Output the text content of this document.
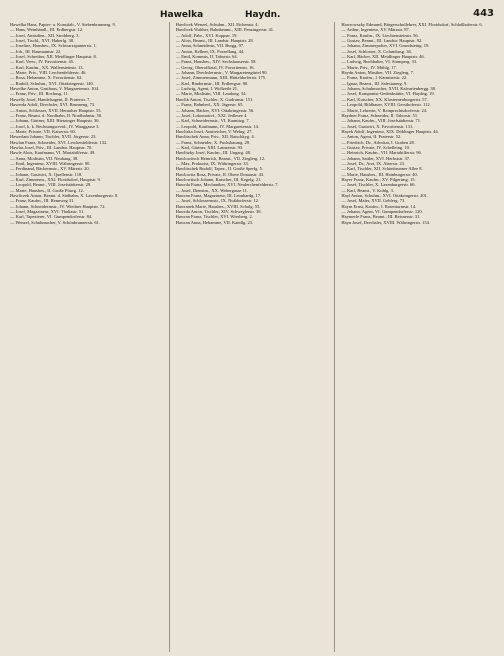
Hawelka	Haydn.	443

Hawelka Hans, Papier- u. Kunstfab., V. Siebenbrunnerg. 9.

— Hans, Weinhändl., III. Erdbergstr. 12.

— Josef, Amtsdien., XII. Strohberg. 3.

— Josef, Tischl., XVI. Haberlg. 38.

— Josefine, Hausbes., IX. Schwarzspanierstr. 1.

— Joh., III. Baumannstr. 22.

— Josef, Schreiber, XII. Meidlinger Hauptstr. 8.

— Karl, Verw., IV. Favoritenstr. 45.

— Karl, Kaufm., XX. Wallensteinstr. 13.

— Marie, Priv., VIII. Lerchenfelderstr. 46.

— Rosa, Hebamme, X. Favoritenstr. 62.

— Rudolf, Schuhm., XVI. Ottakringerstr. 140.

Hawelke Anton, Gasthaus, V. Margaretenstr. 104.

— Franz, Priv., III. Rochusg. 11.

Hawelly Josef, Handelsagent, II. Praterstr. 7.

Hawerda Adolf, Drechsler, XVI. Brunneng. 73.

— Anton, Schlosser, XVII. Hernalser Hauptstr. 55.

— Franz, Beamt. d. Nordbahn, II. Nordbahnstr. 50.

— Johann, Gärtner, XIII. Hietzinger Hauptstr. 36.

— Josef, k. k. Rechnungsrevid., IV. Waaggasse 3.

— Marie, Private, VII. Kaiserstr. 60.

Hawerlant Johann, Tischler, XVII. Jörgerstr. 23.

Hawlan Franz, Schneider, XVI. Lerchenfelderstr. 132.

Hawlas Josef, Priv., III. Landstr. Hauptstr. 70.

Hawle Alois, Kaufmann, VI. Mariahilferstr. 49.

— Anna, Modistin, VII. Neubaug. 38.

— Emil, Ingenieur, XVIII. Währingerstr. 90.

— Ferdinand, Bäckermstr., XV. Märzstr. 20.

— Johann, Gastwirt, X. Quellenstr. 118.

— Karl, Zimmerm., XXI. Floridsdorf, Hauptstr. 9.

— Leopold, Beamt., VIII. Josefstädterstr. 29.

— Marie, Hausbes., II. Große Pfarrg. 12.

Hawliczek Anton, Beamt. d. Südbahn, X. Laxenburgerstr. 8.

— Franz, Kaufm., III. Rennweg 31.

— Johann, Schneidermstr., IV. Wiedner Hauptstr. 72.

— Josef, Magazineur, XVI. Thaliastr. 51.

— Karl, Tapezierer, VI. Gumpendorferstr. 84.

— Wenzel, Schuhmacher, V. Schönbrunnerstr. 61.

Hawlicek Wenzel, Schuhm., XII. Eichenstr. 4.

Hawlicek Walther, Bahnbeamt., XIII. Penzingerstr. 41.

— Adolf, Fabr., XVI. Koppstr. 19.

— Alois, Beamt., III. Landstr. Hauptstr. 28.

— Anna, Schneiderin, VII. Burgg. 97.

— Anton, Kellner, IX. Porzellang. 44.

— Emil, Kommis, II. Taborstr. 64.

— Franz, Hausbes., XIV. Sechshauserstr. 58.

— Georg, Oberoffizial, IV. Favoritenstr. 16.

— Johann, Drechslermstr., V. Margaretengürtel 90.

— Josef, Zimmermann, XIII. Hütteldorferstr. 175.

— Karl, Bindermstr., III. Erdbergstr. 80.

— Ludwig, Agent, I. Wollzeile 21.

— Marie, Modistin, VIII. Laudong. 34.

Hawlik Anton, Tischler, X. Gudrunstr. 151.

— Franz, Bahnbed., XX. Jägerstr. 65.

— Johann, Bäcker, XVI. Ottakringerstr. 56.

— Josef, Lokomotivf., XXI. Jedlesee 4.

— Karl, Schneidermstr., VI. Kaunitzg. 7.

— Leopold, Kaufmann, IV. Margaretenstr. 14.

Hawliska Josef, Anstreicher, V. Wehrg. 27.

Hawlitschek Anna, Priv., XII. Ratschkyg. 4.

— Franz, Schneider, X. Puchsbaumg. 29.

— Karl, Gärtner, XIII. Lainzerstr. 93.

Hawlitzky Josef, Kaufm., III. Ungarg. 48.

Hawlowitsch Heinrich, Beamt., VII. Zieglerg. 12.

— Max, Prokurist, IX. Währingerstr. 33.

Hawlitschek Rudolf, Tapez., II. Große Sperlg. 5.

Hawlowitz Rosa, Private, II. Obere Donaustr. 43.

Hawlowitsch Johann, Kutscher, III. Kegelg. 21.

Hawrda Franz, Mechaniker, XVI. Neulerchenfelderstr. 7.

— Josef, Dienstm., XX. Webergasse 11.

Hawran Franz, Magazineur, III. Leonhardg. 17.

— Josef, Schlossermstr., IX. Nußdorferstr. 12.

Hawranek Marie, Hausbes., XVIII. Schulg. 55.

Hawrda Anton, Tischler, XIV. Schweglerstr. 38.

Hawran Franz, Tischler, XVI. Wiesberg. 2.

Hawran Anna, Hebamme, VII. Kandlg. 23.

Hawrowszky Edmund, Bürgerschullehrer, XXI. Floridsdorf, Schloßhoferstr. 6.

— Arthur, Ingenieur, XV. Märzstr. 87.

— Franz, Kaufm., IX. Liechtensteinstr. 56.

— Gustav, Beamt., III. Landstr. Hauptstr. 92.

— Johann, Zimmerpolier, XVI. Grundsteing. 19.

— Josef, Schlosser, X. Columbusg. 36.

— Karl, Bäcker, XII. Meidlinger Hauptstr. 46.

— Ludwig, Buchhalter, VI. Stumperg. 33.

— Marie, Priv., IV. Mühlg. 17.

Haydn Anton, Musiker, VII. Zieglerg. 7.

— Franz, Kaufm., I. Kärntnerstr. 22.

— Ignaz, Beamt., III. Salesianerg. 9.

— Johann, Schuhmacher, XVII. Kalvarienbergg. 38.

— Josef, Komponist-Gedenkstätte, VI. Haydng. 19.

— Karl, Kutscher, XX. Klosterneuburgerstr. 57.

— Leopold, Bildhauer, XVIII. Gersthoferstr. 112.

— Marie, Lehrerin, V. Reinprechtsdorferstr. 24.

Haydner Franz, Schneider, II. Taborstr. 51.

— Johann, Kaufm., VIII. Josefstädterstr. 71.

— Josef, Gastwirt, X. Favoritenstr. 131.

Hayek Adolf, Ingenieur, XIX. Döblinger Hauptstr. 44.

— Anton, Agent, II. Praterstr. 52.

— Friedrich, Dr., Advokat, I. Graben 28.

— Gustav, Private, IV. Schelleing. 10.

— Heinrich, Kaufm., VII. Mariahilferstr. 96.

— Johann, Sattler, XVI. Herbststr. 37.

— Josef, Dr., Arzt, IX. Alserstr. 23.

— Karl, Tischler, XII. Schönbrunner Allee 8.

— Marie, Hausbes., III. Hainburgerstr. 40.

Hayer Franz, Kaufm., XV. Pilgerimg. 15.

— Josef, Tischler, X. Laxenburgerstr. 66.

— Karl, Beamt., V. Kohlg. 3.

Hayl Anton, Schuhm., XVI. Ottakringerstr. 201.

— Josef, Maler, XVII. Geblerg. 73.

Haym Ernst, Kaufm., I. Rotenturmstr. 14.

— Johann, Agent, VI. Gumpendorferstr. 120.

Haymerle Franz, Beamt., III. Reisnerstr. 31.

Hayn Josef, Drechsler, XVIII. Währingerstr. 154.
